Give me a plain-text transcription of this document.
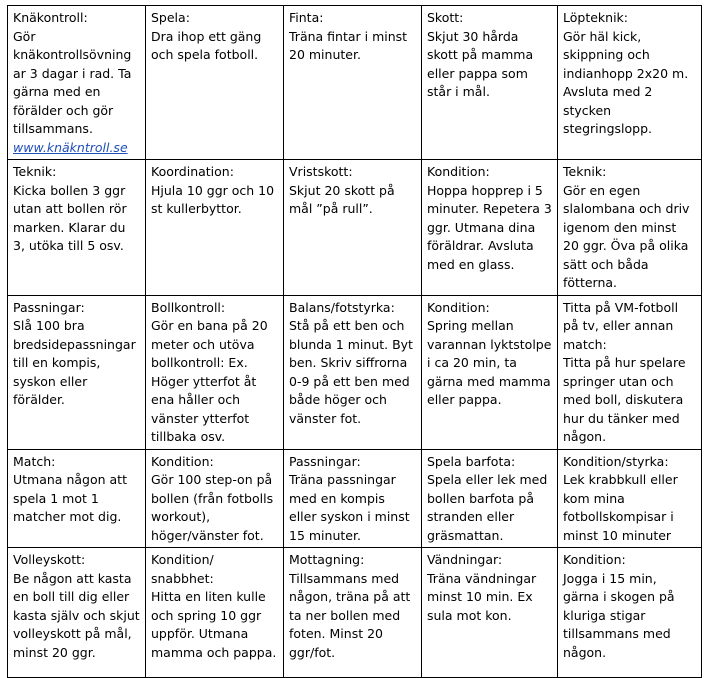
Knäkontroll:
Gör knäkontrollsövning ar 3 dagar i rad. Ta gärna med en förälder och gör tillsammans.
www.knäkntroll.se	Spela:
Dra ihop ett gäng och spela fotboll.	Finta:
Träna fintar i minst 20 minuter.	Skott:
Skjut 30 hårda skott på mamma eller pappa som står i mål.	Löpteknik:
Gör häl kick, skippning och indianhopp 2x20 m. Avsluta med 2 stycken stegringslopp.

Teknik:
Kicka bollen 3 ggr utan att bollen rör marken. Klarar du 3, utöka till 5 osv.	Koordination:
Hjula 10 ggr och 10 st kullerbyttor.	Vristskott:
Skjut 20 skott på mål ”på rull”.	Kondition:
Hoppa hopprep i 5 minuter. Repetera 3 ggr. Utmana dina föräldrar. Avsluta med en glass.	Teknik:
Gör en egen slalombana och driv igenom den minst 20 ggr. Öva på olika sätt och båda fötterna.

Passningar:
Slå 100 bra bredsidepassningar till en kompis, syskon eller förälder.	Bollkontroll:
Gör en bana på 20 meter och utöva bollkontroll: Ex. Höger ytterfot åt ena håller och vänster ytterfot tillbaka osv.	Balans/fotstyrka:
Stå på ett ben och blunda 1 minut. Byt ben. Skriv siffrorna 0-9 på ett ben med både höger och vänster fot.	Kondition:
Spring mellan varannan lyktstolpe i ca 20 min, ta gärna med mamma eller pappa.	Titta på VM-fotboll på tv, eller annan match:
Titta på hur spelare springer utan och med boll, diskutera hur du tänker med någon.

Match:
Utmana någon att spela 1 mot 1 matcher mot dig.	Kondition:
Gör 100 step-on på bollen (från fotbolls workout), höger/vänster fot.	Passningar:
Träna passningar med en kompis eller syskon i minst 15 minuter.	Spela barfota:
Spela eller lek med bollen barfota på stranden eller gräsmattan.	Kondition/styrka:
Lek krabbkull eller kom mina fotbollskompisar i minst 10 minuter

Volleyskott:
Be någon att kasta en boll till dig eller kasta själv och skjut volleyskott på mål, minst 20 ggr.	Kondition/ snabbhet:
Hitta en liten kulle och spring 10 ggr uppför. Utmana mamma och pappa.	Mottagning:
Tillsammans med någon, träna på att ta ner bollen med foten. Minst 20 ggr/fot.	Vändningar:
Träna vändningar minst 10 min. Ex sula mot kon.	Kondition:
Jogga i 15 min, gärna i skogen på kluriga stigar tillsammans med någon.
